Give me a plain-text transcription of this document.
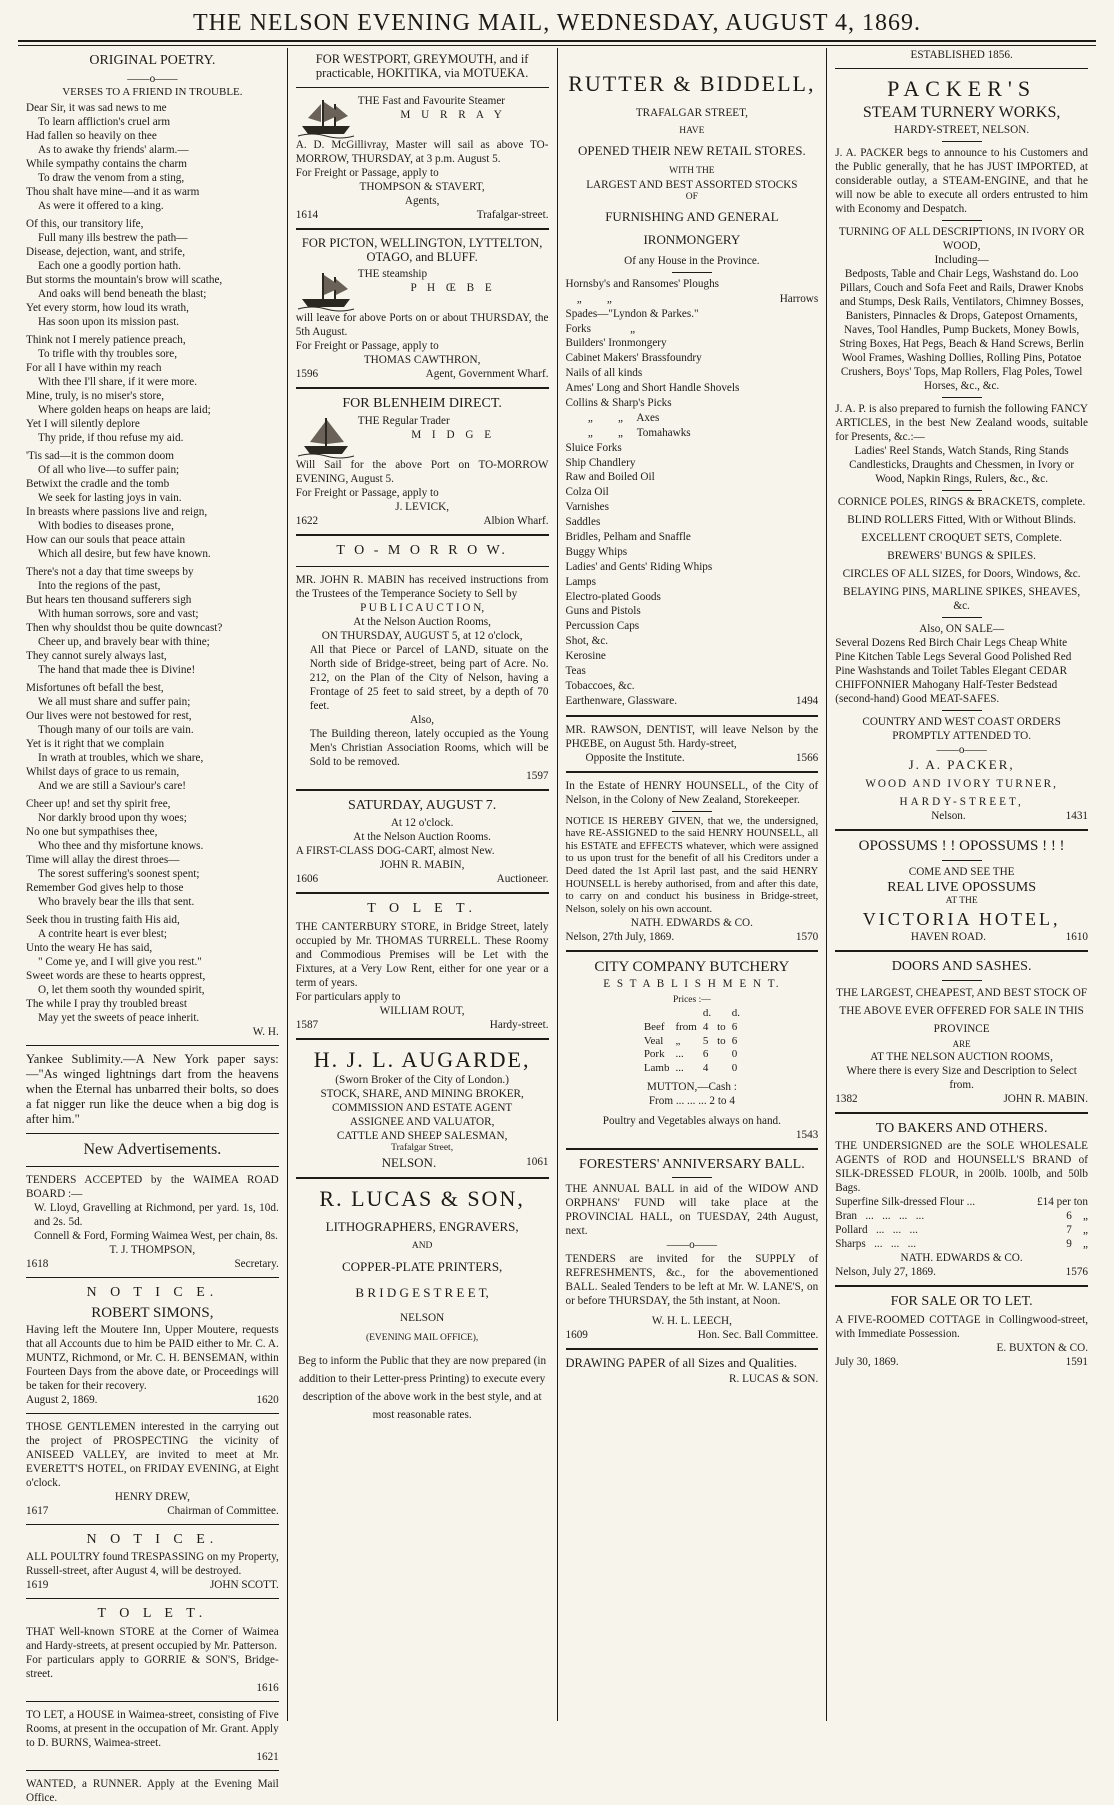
THE NELSON EVENING MAIL, WEDNESDAY, AUGUST 4, 1869.
ORIGINAL POETRY.
——o——
VERSES TO A FRIEND IN TROUBLE.

Dear Sir, it was sad news to me

To learn affliction's cruel arm

Had fallen so heavily on thee

As to awake thy friends' alarm.—

While sympathy contains the charm

To draw the venom from a sting,

Thou shalt have mine—and it as warm

As were it offered to a king.

Of this, our transitory life,

Full many ills bestrew the path—

Disease, dejection, want, and strife,

Each one a goodly portion hath.

But storms the mountain's brow will scathe,

And oaks will bend beneath the blast;

Yet every storm, how loud its wrath,

Has soon upon its mission past.

Think not I merely patience preach,

To trifle with thy troubles sore,

For all I have within my reach

With thee I'll share, if it were more.

Mine, truly, is no miser's store,

Where golden heaps on heaps are laid;

Yet I will silently deplore

Thy pride, if thou refuse my aid.

'Tis sad—it is the common doom

Of all who live—to suffer pain;

Betwixt the cradle and the tomb

We seek for lasting joys in vain.

In breasts where passions live and reign,

With bodies to diseases prone,

How can our souls that peace attain

Which all desire, but few have known.

There's not a day that time sweeps by

Into the regions of the past,

But hears ten thousand sufferers sigh

With human sorrows, sore and vast;

Then why shouldst thou be quite downcast?

Cheer up, and bravely bear with thine;

They cannot surely always last,

The hand that made thee is Divine!

Misfortunes oft befall the best,

We all must share and suffer pain;

Our lives were not bestowed for rest,

Though many of our toils are vain.

Yet is it right that we complain

In wrath at troubles, which we share,

Whilst days of grace to us remain,

And we are still a Saviour's care!

Cheer up! and set thy spirit free,

Nor darkly brood upon thy woes;

No one but sympathises thee,

Who thee and thy misfortune knows.

Time will allay the direst throes—

The sorest suffering's soonest spent;

Remember God gives help to those

Who bravely bear the ills that sent.

Seek thou in trusting faith His aid,

A contrite heart is ever blest;

Unto the weary He has said,

" Come ye, and I will give you rest."

Sweet words are these to hearts opprest,

O, let them sooth thy wounded spirit,

The while I pray thy troubled breast

May yet the sweets of peace inherit.

W. H.
Yankee Sublimity.—A New York paper says:—"As winged lightnings dart from the heavens when the Eternal has unbarred their bolts, so does a fat nigger run like the deuce when a big dog is after him."
New Advertisements.
TENDERS ACCEPTED by the WAIMEA ROAD BOARD :—
W. Lloyd, Gravelling at Richmond, per yard. 1s, 10d. and 2s. 5d.
Connell & Ford, Forming Waimea West, per chain, 8s.
T. J. THOMPSON,
1618	Secretary.
N O T I C E.
ROBERT SIMONS,
Having left the Moutere Inn, Upper Moutere, requests that all Accounts due to him be PAID either to Mr. C. A. MUNTZ, Richmond, or Mr. C. H. BENSEMAN, within Fourteen Days from the above date, or Proceedings will be taken for their recovery.
August 2, 1869.	1620
THOSE GENTLEMEN interested in the carrying out the project of PROSPECTING the vicinity of ANISEED VALLEY, are invited to meet at Mr. EVERETT'S HOTEL, on FRIDAY EVENING, at Eight o'clock.
HENRY DREW,
1617	Chairman of Committee.
N O T I C E.
ALL POULTRY found TRESPASSING on my Property, Russell-street, after August 4, will be destroyed.
1619	JOHN SCOTT.
T O L E T.
THAT Well-known STORE at the Corner of Waimea and Hardy-streets, at present occupied by Mr. Patterson.
For particulars apply to GORRIE & SON'S, Bridge-street.
1616
TO LET, a HOUSE in Waimea-street, consisting of Five Rooms, at present in the occupation of Mr. Grant. Apply to D. BURNS, Waimea-street.
1621
WANTED, a RUNNER. Apply at the Evening Mail Office.
FOR WESTPORT, GREYMOUTH, and if practicable, HOKITIKA, via MOTUEKA.
THE Fast and Favourite Steamer
M U R R A Y
A. D. McGillivray, Master will sail as above TO-MORROW, THURSDAY, at 3 p.m. August 5.
For Freight or Passage, apply to
THOMPSON & STAVERT,
Agents,
1614	Trafalgar-street.
FOR PICTON, WELLINGTON, LYTTELTON, OTAGO, and BLUFF.
THE steamship
P H Œ B E
will leave for above Ports on or about THURSDAY, the 5th August.
For Freight or Passage, apply to
THOMAS CAWTHRON,
1596	Agent, Government Wharf.
FOR BLENHEIM DIRECT.
THE Regular Trader
M I D G E
Will Sail for the above Port on TO-MORROW EVENING, August 5.
For Freight or Passage, apply to
J. LEVICK,
1622	Albion Wharf.
T O - M O R R O W.
MR. JOHN R. MABIN has received instructions from the Trustees of the Temperance Society to Sell by
P U B L I C A U C T I O N,
At the Nelson Auction Rooms,
ON THURSDAY, AUGUST 5, at 12 o'clock,
All that Piece or Parcel of LAND, situate on the North side of Bridge-street, being part of Acre. No. 212, on the Plan of the City of Nelson, having a Frontage of 25 feet to said street, by a depth of 70 feet.
Also,
The Building thereon, lately occupied as the Young Men's Christian Association Rooms, which will be Sold to be removed.
1597
SATURDAY, AUGUST 7.
At 12 o'clock.
At the Nelson Auction Rooms.
A FIRST-CLASS DOG-CART, almost New.
JOHN R. MABIN,
1606	Auctioneer.
T O L E T.
THE CANTERBURY STORE, in Bridge Street, lately occupied by Mr. THOMAS TURRELL. These Roomy and Commodious Premises will be Let with the Fixtures, at a Very Low Rent, either for one year or a term of years.
For particulars apply to
WILLIAM ROUT,
1587	Hardy-street.
H. J. L. AUGARDE,
(Sworn Broker of the City of London.)
STOCK, SHARE, AND MINING BROKER,
COMMISSION AND ESTATE AGENT
ASSIGNEE AND VALUATOR,
CATTLE AND SHEEP SALESMAN,
Trafalgar Street,
NELSON.	1061
R. LUCAS & SON,
LITHOGRAPHERS, ENGRAVERS,
AND
COPPER-PLATE PRINTERS,
B R I D G E S T R E E T,
NELSON
(EVENING MAIL OFFICE),
Beg to inform the Public that they are now prepared (in addition to their Letter-press Printing) to execute every description of the above work in the best style, and at most reasonable rates.
RUTTER & BIDDELL,
TRAFALGAR STREET,
HAVE
OPENED THEIR NEW RETAIL STORES.
WITH THE
LARGEST AND BEST ASSORTED STOCKS
OF
FURNISHING AND GENERAL
IRONMONGERY
Of any House in the Province.
Hornsby's and Ransomes' Ploughs
„         „	Harrows
Spades—"Lyndon & Parkes."
Forks              „
Builders' Ironmongery
Cabinet Makers' Brassfoundry
Nails of all kinds
Ames' Long and Short Handle Shovels
Collins & Sharp's Picks
„         „     Axes
„         „     Tomahawks
Sluice Forks
Ship Chandlery
Raw and Boiled Oil
Colza Oil
Varnishes
Saddles
Bridles, Pelham and Snaffle
Buggy Whips
Ladies' and Gents' Riding Whips
Lamps
Electro-plated Goods
Guns and Pistols
Percussion Caps
Shot, &c.
Kerosine
Teas
Tobaccoes, &c.
Earthenware, Glassware.	1494
MR. RAWSON, DENTIST, will leave Nelson by the PHŒBE, on August 5th. Hardy-street,
Opposite the Institute.	1566
In the Estate of HENRY HOUNSELL, of the City of Nelson, in the Colony of New Zealand, Storekeeper.
NOTICE IS HEREBY GIVEN, that we, the undersigned, have RE-ASSIGNED to the said HENRY HOUNSELL, all his ESTATE and EFFECTS whatever, which were assigned to us upon trust for the benefit of all his Creditors under a Deed dated the 1st April last past, and the said HENRY HOUNSELL is hereby authorised, from and after this date, to carry on and conduct his business in Bridge-street, Nelson, solely on his own account.
NATH. EDWARDS & CO.
Nelson, 27th July, 1869.	1570
CITY COMPANY BUTCHERY
E S T A B L I S H M E N T.
Prices :—
		d.		d.
Beef	from	4	to	6
Veal	„	5	to	6
Pork	...	6		0
Lamb	...	4		0
MUTTON,—Cash :
From ... ... ... 2 to 4
Poultry and Vegetables always on hand.
1543
FORESTERS' ANNIVERSARY BALL.
THE ANNUAL BALL in aid of the WIDOW AND ORPHANS' FUND will take place at the PROVINCIAL HALL, on TUESDAY, 24th August, next.
——o——
TENDERS are invited for the SUPPLY of REFRESHMENTS, &c., for the abovementioned BALL. Sealed Tenders to be left at Mr. W. LANE'S, on or before THURSDAY, the 5th instant, at Noon.
W. H. L. LEECH,
1609	Hon. Sec. Ball Committee.
DRAWING PAPER of all Sizes and Qualities.
R. LUCAS & SON.
ESTABLISHED 1856.
PACKER'S
STEAM TURNERY WORKS,
HARDY-STREET, NELSON.
J. A. PACKER begs to announce to his Customers and the Public generally, that he has JUST IMPORTED, at considerable outlay, a STEAM-ENGINE, and that he will now be able to execute all orders entrusted to him with Economy and Despatch.
TURNING OF ALL DESCRIPTIONS, IN IVORY OR WOOD,
Including—
Bedposts, Table and Chair Legs, Washstand do. Loo Pillars, Couch and Sofa Feet and Rails, Drawer Knobs and Stumps, Desk Rails, Ventilators, Chimney Bosses, Banisters, Pinnacles & Drops, Gatepost Ornaments, Naves, Tool Handles, Pump Buckets, Money Bowls, String Boxes, Hat Pegs, Beach & Hand Screws, Berlin Wool Frames, Washing Dollies, Rolling Pins, Potatoe Crushers, Boys' Tops, Map Rollers, Flag Poles, Towel Horses, &c., &c.
J. A. P. is also prepared to furnish the following FANCY ARTICLES, in the best New Zealand woods, suitable for Presents, &c.:—
Ladies' Reel Stands, Watch Stands, Ring Stands Candlesticks, Draughts and Chessmen, in Ivory or Wood, Napkin Rings, Rulers, &c., &c.
CORNICE POLES, RINGS & BRACKETS, complete.
BLIND ROLLERS Fitted, With or Without Blinds.
EXCELLENT CROQUET SETS, Complete.
BREWERS' BUNGS & SPILES.
CIRCLES OF ALL SIZES, for Doors, Windows, &c.
BELAYING PINS, MARLINE SPIKES, SHEAVES, &c.
Also, ON SALE—
Several Dozens Red Birch Chair Legs Cheap White Pine Kitchen Table Legs Several Good Polished Red Pine Washstands and Toilet Tables Elegant CEDAR CHIFFONNIER Mahogany Half-Tester Bedstead (second-hand) Good MEAT-SAFES.
COUNTRY AND WEST COAST ORDERS PROMPTLY ATTENDED TO.
——o——
J. A. PACKER,
WOOD AND IVORY TURNER,
HARDY-STREET,
Nelson.	1431
OPOSSUMS ! ! OPOSSUMS ! ! !
COME AND SEE THE
REAL LIVE OPOSSUMS
AT THE
VICTORIA HOTEL,
HAVEN ROAD.	1610
DOORS AND SASHES.
THE LARGEST, CHEAPEST, AND BEST STOCK OF THE ABOVE EVER OFFERED FOR SALE IN THIS PROVINCE
ARE
AT THE NELSON AUCTION ROOMS,
Where there is every Size and Description to Select from.
1382	JOHN R. MABIN.
TO BAKERS AND OTHERS.
THE UNDERSIGNED are the SOLE WHOLESALE AGENTS of ROD and HOUNSELL'S BRAND of SILK-DRESSED FLOUR, in 200lb. 100lb, and 50lb Bags.
Superfine Silk-dressed Flour ...	£14 per ton
Bran   ...   ...   ...   ...	6    „
Pollard   ...   ...   ...	7    „
Sharps   ...   ...   ...	9    „
NATH. EDWARDS & CO.
Nelson, July 27, 1869.	1576
FOR SALE OR TO LET.
A FIVE-ROOMED COTTAGE in Collingwood-street, with Immediate Possession.
E. BUXTON & CO.
July 30, 1869.	1591
